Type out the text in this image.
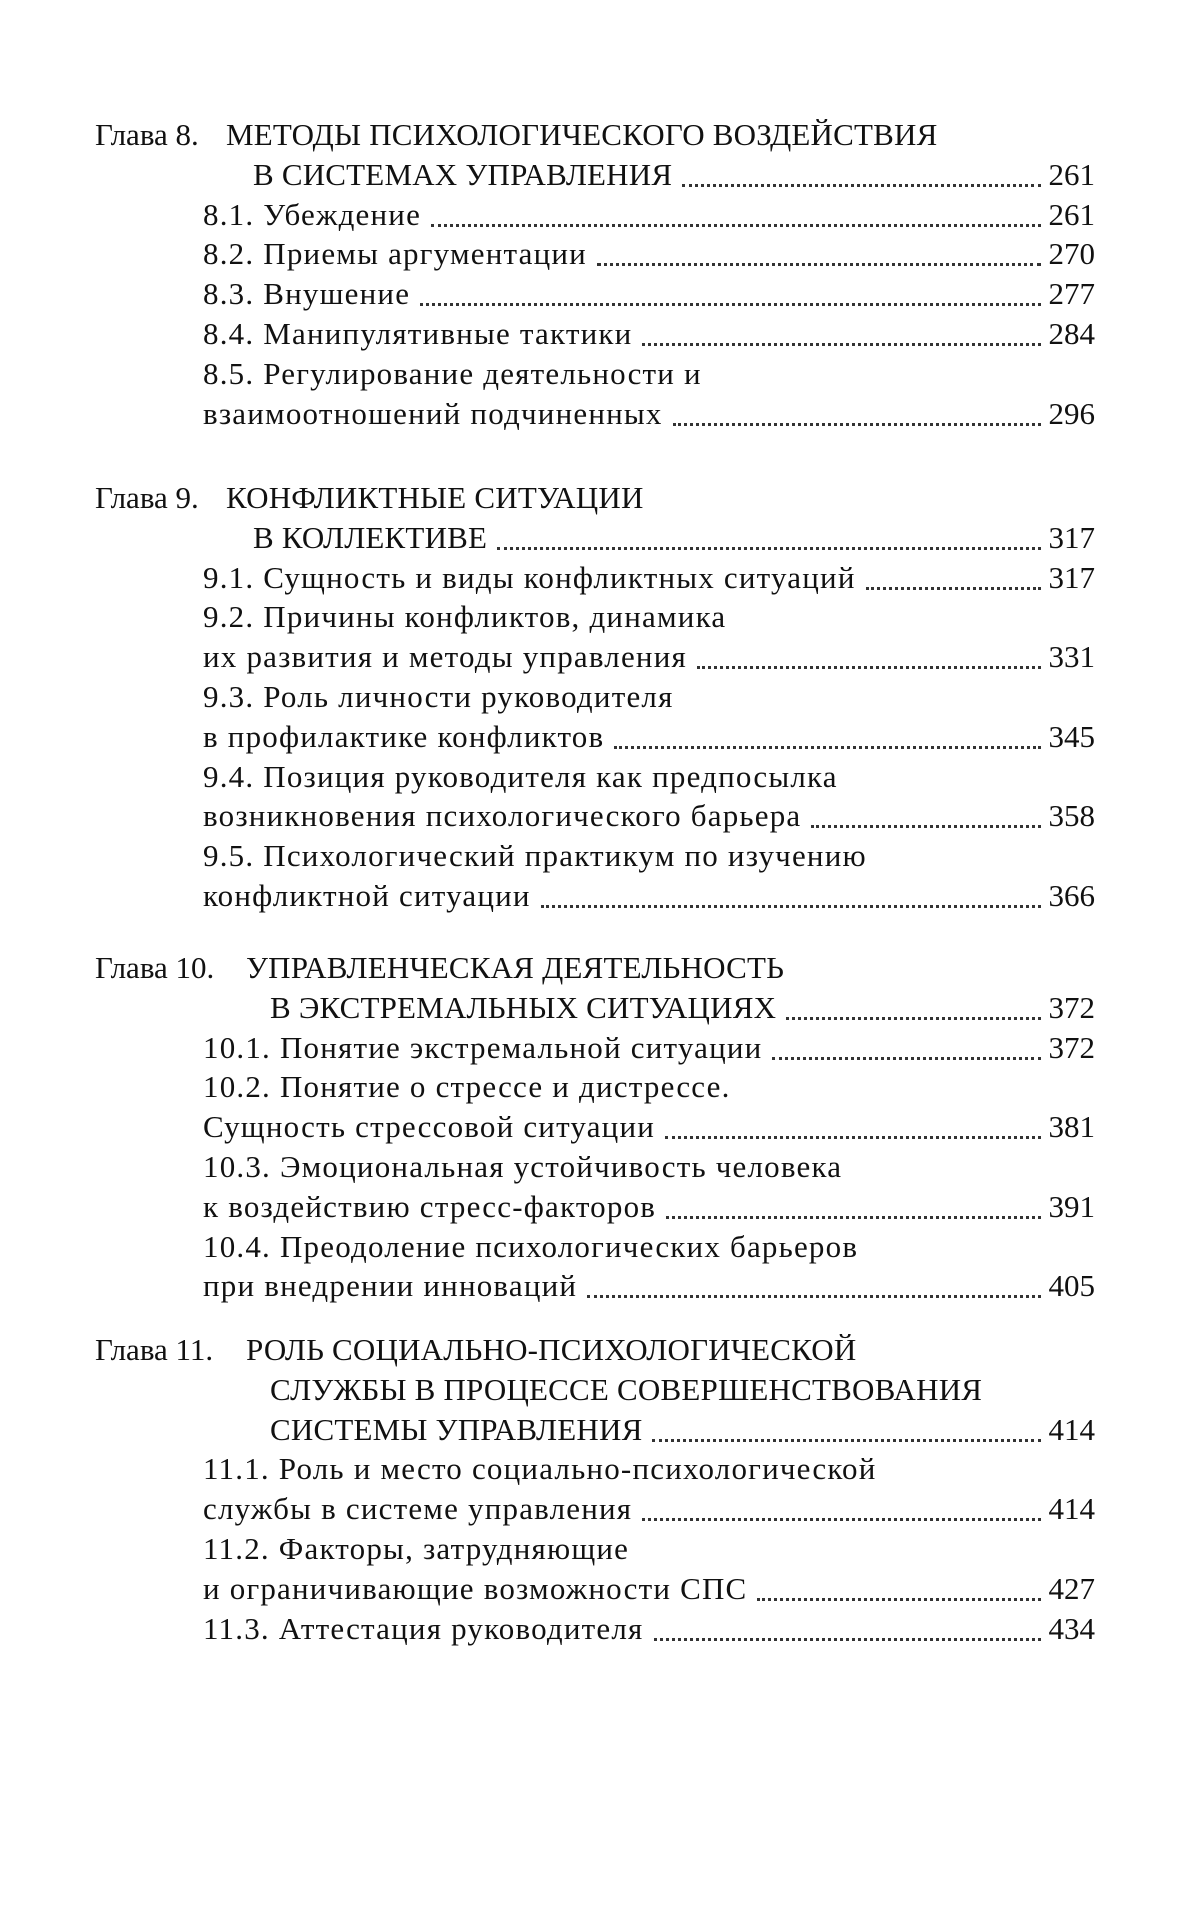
Глава 8. МЕТОДЫ ПСИХОЛОГИЧЕСКОГО ВОЗДЕЙСТВИЯ
В СИСТЕМАХ УПРАВЛЕНИЯ	261
8.1. Убеждение	261
8.2. Приемы аргументации	270
8.3. Внушение	277
8.4. Манипулятивные тактики	284
8.5. Регулирование деятельности и
взаимоотношений подчиненных	296
Глава 9. КОНФЛИКТНЫЕ СИТУАЦИИ
В КОЛЛЕКТИВЕ	317
9.1. Сущность и виды конфликтных ситуаций	317
9.2. Причины конфликтов, динамика
их развития и методы управления	331
9.3. Роль личности руководителя
в профилактике конфликтов	345
9.4. Позиция руководителя как предпосылка
возникновения психологического барьера	358
9.5. Психологический практикум по изучению
конфликтной ситуации	366
Глава 10. УПРАВЛЕНЧЕСКАЯ ДЕЯТЕЛЬНОСТЬ
В ЭКСТРЕМАЛЬНЫХ СИТУАЦИЯХ	372
10.1. Понятие экстремальной ситуации	372
10.2. Понятие о стрессе и дистрессе.
Сущность стрессовой ситуации	381
10.3. Эмоциональная устойчивость человека
к воздействию стресс-факторов	391
10.4. Преодоление психологических барьеров
при внедрении инноваций	405
Глава 11. РОЛЬ СОЦИАЛЬНО-ПСИХОЛОГИЧЕСКОЙ
СЛУЖБЫ В ПРОЦЕССЕ СОВЕРШЕНСТВОВАНИЯ
СИСТЕМЫ УПРАВЛЕНИЯ	414
11.1. Роль и место социально-психологической
службы в системе управления	414
11.2. Факторы, затрудняющие
и ограничивающие возможности СПС	427
11.3. Аттестация руководителя	434
